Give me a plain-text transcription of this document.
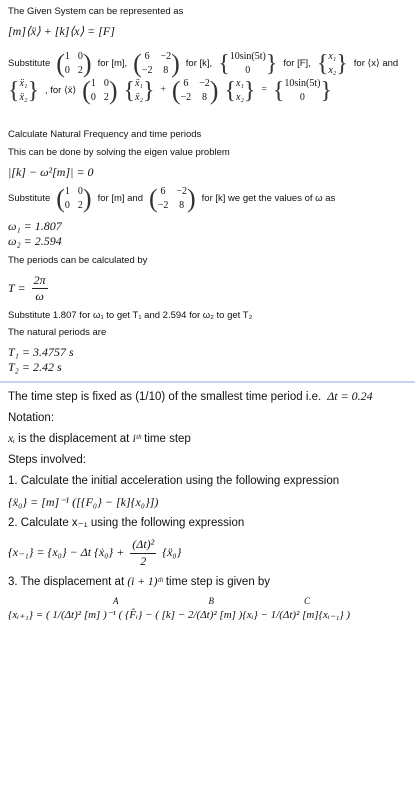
The Given System can be represented as
[m]⟨ẍ⟩ + [k]⟨x⟩ = [F]
Substitute ( 1 0
0 2 ) for [m], ( 6 −2
−2 8 ) for [k], { 10sin(5t)
0 } for [F], { x₁
x₂ } for ⟨x⟩ and
{ ẍ₁
ẍ₂ } , for ⟨ẍ⟩ ( 1 0
0 2 ) { ẍ₁
ẍ₂ } + ( 6 −2
−2 8 ) { x₁
x₂ } = { 10sin(5t)
0 }
Calculate Natural Frequency and time periods
This can be done by solving the eigen value problem
|[k] − ω²[m]| = 0
Substitute ( 1 0
0 2 ) for [m] and ( 6 −2
−2 8 ) for [k] we get the values of ω as
ω₁ = 1.807
ω₂ = 2.594
The periods can be calculated by
$T = \frac{2\pi}{\omega}$
Substitute 1.807 for ω₁ to get T₁ and 2.594 for ω₂ to get T₂
The natural periods are
T₁ = 3.4757 s
T₂ = 2.42 s
The time step is fixed as (1/10) of the smallest time period i.e. Δt = 0.24
Notation:
xᵢ is the displacement at iᵗʰ time step
Steps involved:
1. Calculate the initial acceleration using the following expression
{ẍ₀} = [m]⁻¹ ([{F₀} − [k]{x₀}])
2. Calculate x₋₁ using the following expression
{x₋₁} = {x₀} − Δt {ẋ₀} + $\frac{\text{(Δt)²}}{2}$ {ẍ₀}
3. The displacement at (i + 1)ᵗʰ time step is given by
A	B	C
{xᵢ₊₁} = ( 1/(Δt)² [m] )⁻¹ ( {F̂ᵢ} − ( [k] − 2/(Δt)² [m] ){xᵢ} − 1/(Δt)² [m]{xᵢ₋₁} )
